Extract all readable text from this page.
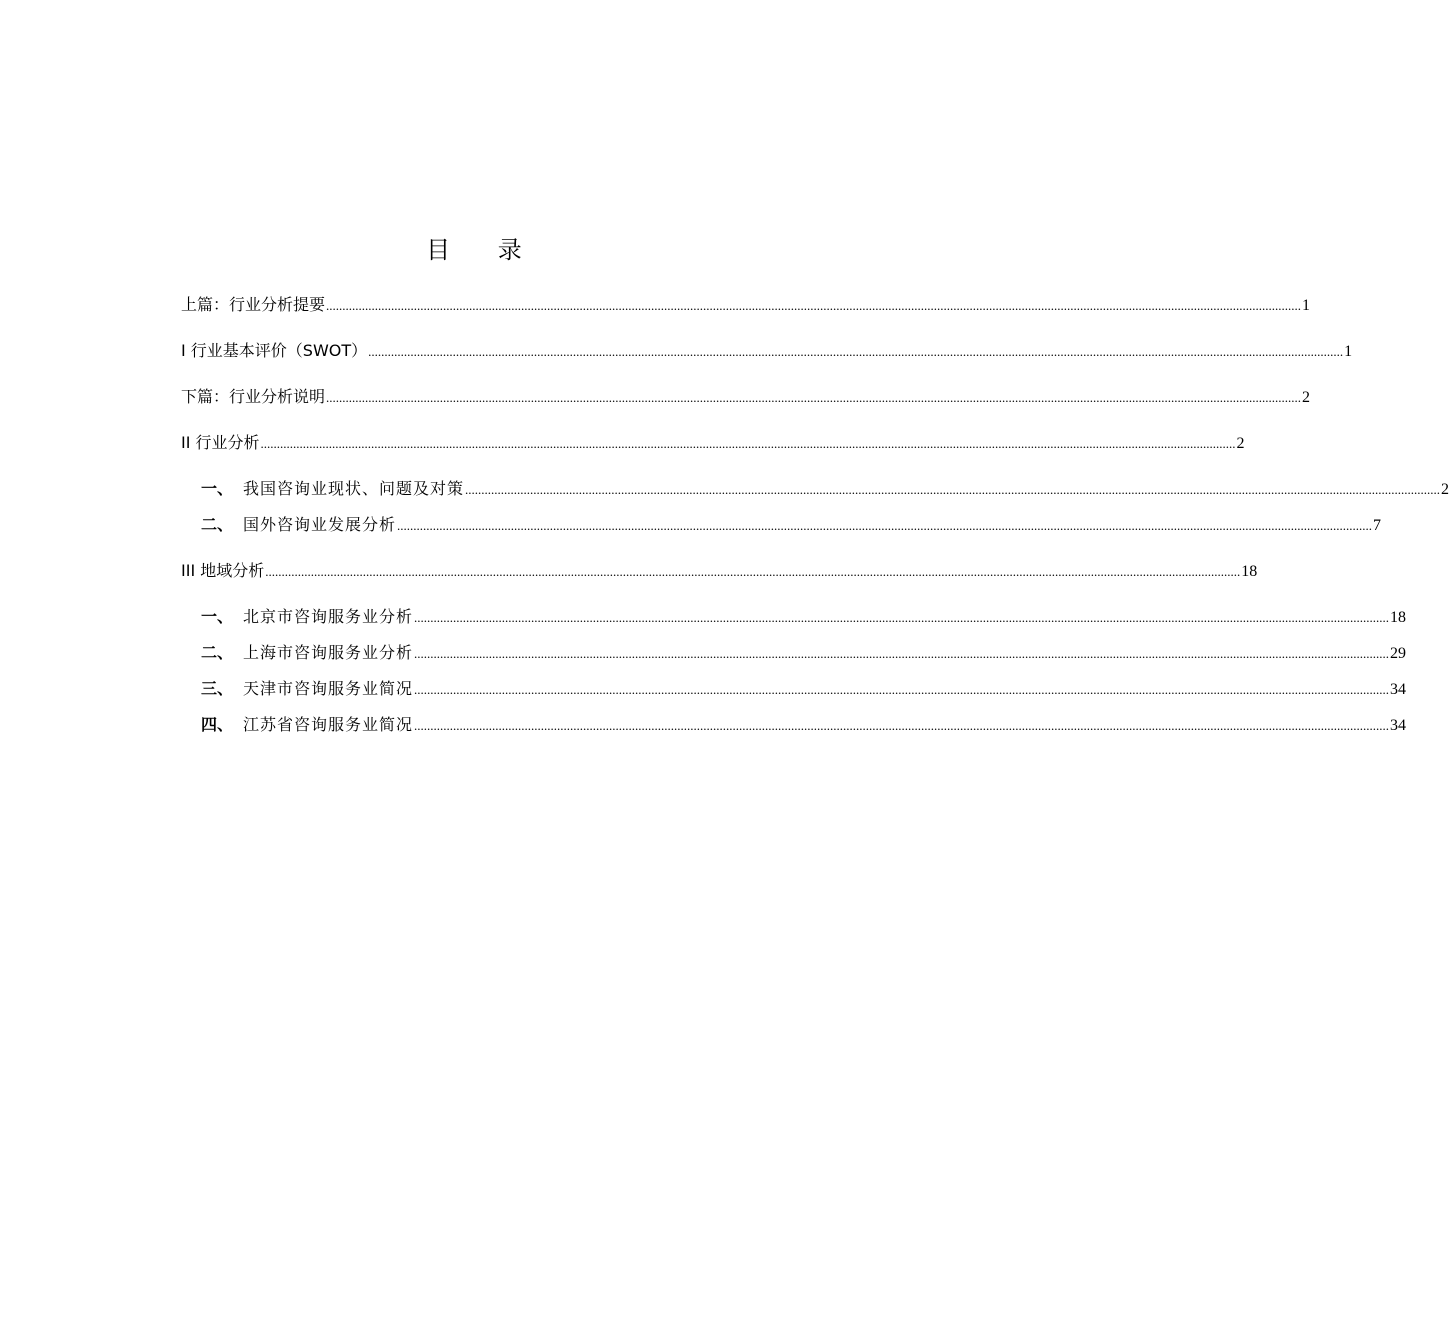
目 录
上篇：行业分析提要 ............................................................................................................................................................................................................................................................................................................ 1
I 行业基本评价（SWOT） ............................................................................................................................................................................................................................................................................................................ 1
下篇：行业分析说明 ............................................................................................................................................................................................................................................................................................................ 2
II 行业分析 ............................................................................................................................................................................................................................................................................................................ 2
一、 我国咨询业现状、问题及对策 ............................................................................................................................................................................................................................................................................................................ 2
二、 国外咨询业发展分析 ............................................................................................................................................................................................................................................................................................................ 7
III 地域分析 ............................................................................................................................................................................................................................................................................................................ 18
一、 北京市咨询服务业分析 ............................................................................................................................................................................................................................................................................................................ 18
二、 上海市咨询服务业分析 ............................................................................................................................................................................................................................................................................................................ 29
三、 天津市咨询服务业简况 ............................................................................................................................................................................................................................................................................................................ 34
四、 江苏省咨询服务业简况 ............................................................................................................................................................................................................................................................................................................ 34
